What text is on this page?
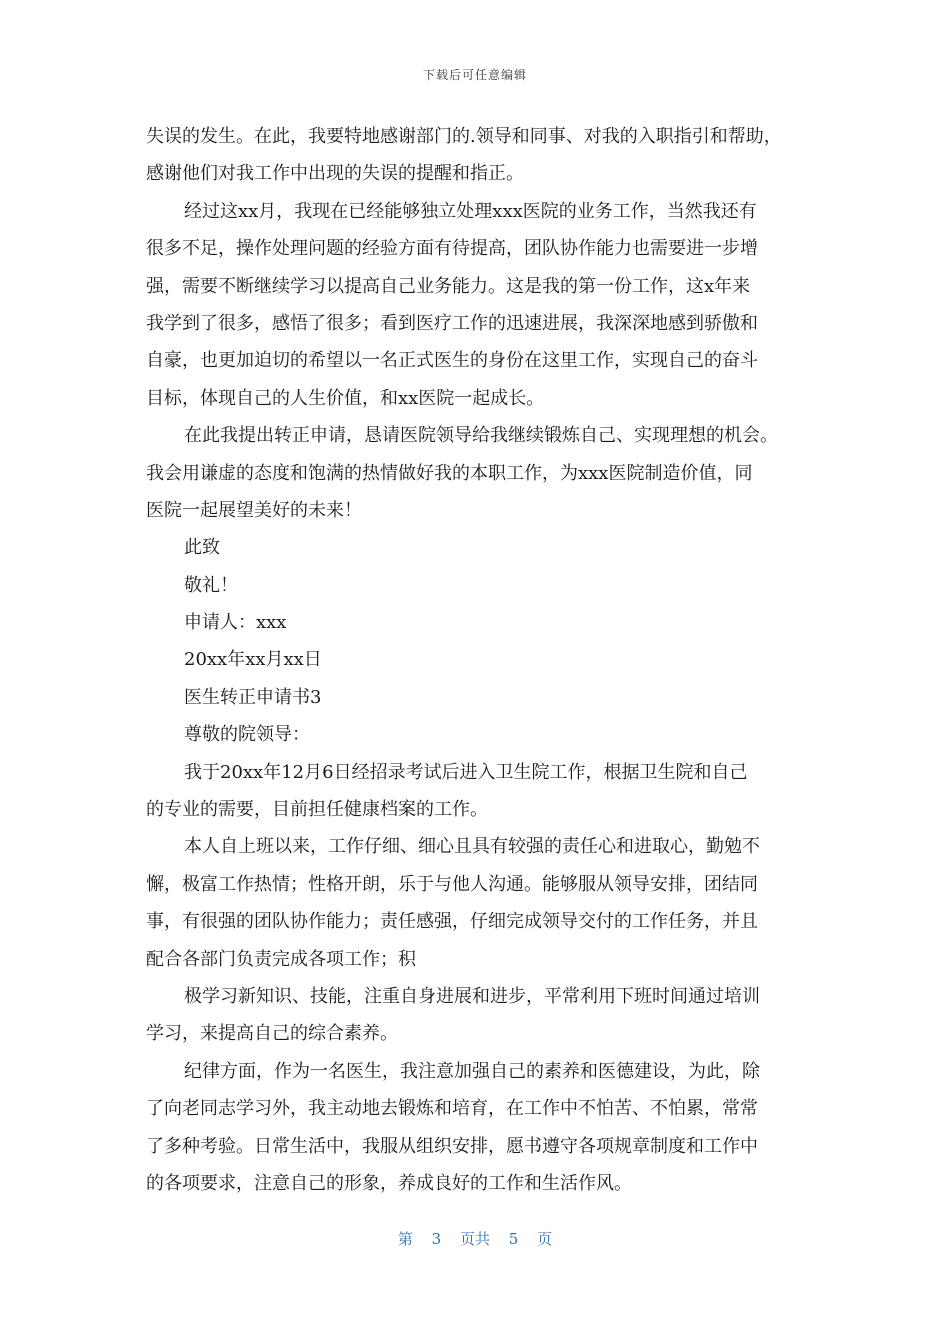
下载后可任意编辑
失误的发生。在此，我要特地感谢部门的.领导和同事、对我的入职指引和帮助，
感谢他们对我工作中出现的失误的提醒和指正。
经过这xx月，我现在已经能够独立处理xxx医院的业务工作，当然我还有
很多不足，操作处理问题的经验方面有待提高，团队协作能力也需要进一步增
强，需要不断继续学习以提高自己业务能力。这是我的第一份工作，这x年来
我学到了很多，感悟了很多；看到医疗工作的迅速进展，我深深地感到骄傲和
自豪，也更加迫切的希望以一名正式医生的身份在这里工作，实现自己的奋斗
目标，体现自己的人生价值，和xx医院一起成长。
在此我提出转正申请，恳请医院领导给我继续锻炼自己、实现理想的机会。
我会用谦虚的态度和饱满的热情做好我的本职工作，为xxx医院制造价值，同
医院一起展望美好的未来！
此致
敬礼！
申请人：xxx
20xx年xx月xx日
医生转正申请书3
尊敬的院领导：
我于20xx年12月6日经招录考试后进入卫生院工作，根据卫生院和自己
的专业的需要，目前担任健康档案的工作。
本人自上班以来，工作仔细、细心且具有较强的责任心和进取心，勤勉不
懈，极富工作热情；性格开朗，乐于与他人沟通。能够服从领导安排，团结同
事，有很强的团队协作能力；责任感强，仔细完成领导交付的工作任务，并且
配合各部门负责完成各项工作；积
极学习新知识、技能，注重自身进展和进步，平常利用下班时间通过培训
学习，来提高自己的综合素养。
纪律方面，作为一名医生，我注意加强自己的素养和医德建设，为此，除
了向老同志学习外，我主动地去锻炼和培育，在工作中不怕苦、不怕累，常常
了多种考验。日常生活中，我服从组织安排，愿书遵守各项规章制度和工作中
的各项要求，注意自己的形象，养成良好的工作和生活作风。
第 3 页共 5 页
